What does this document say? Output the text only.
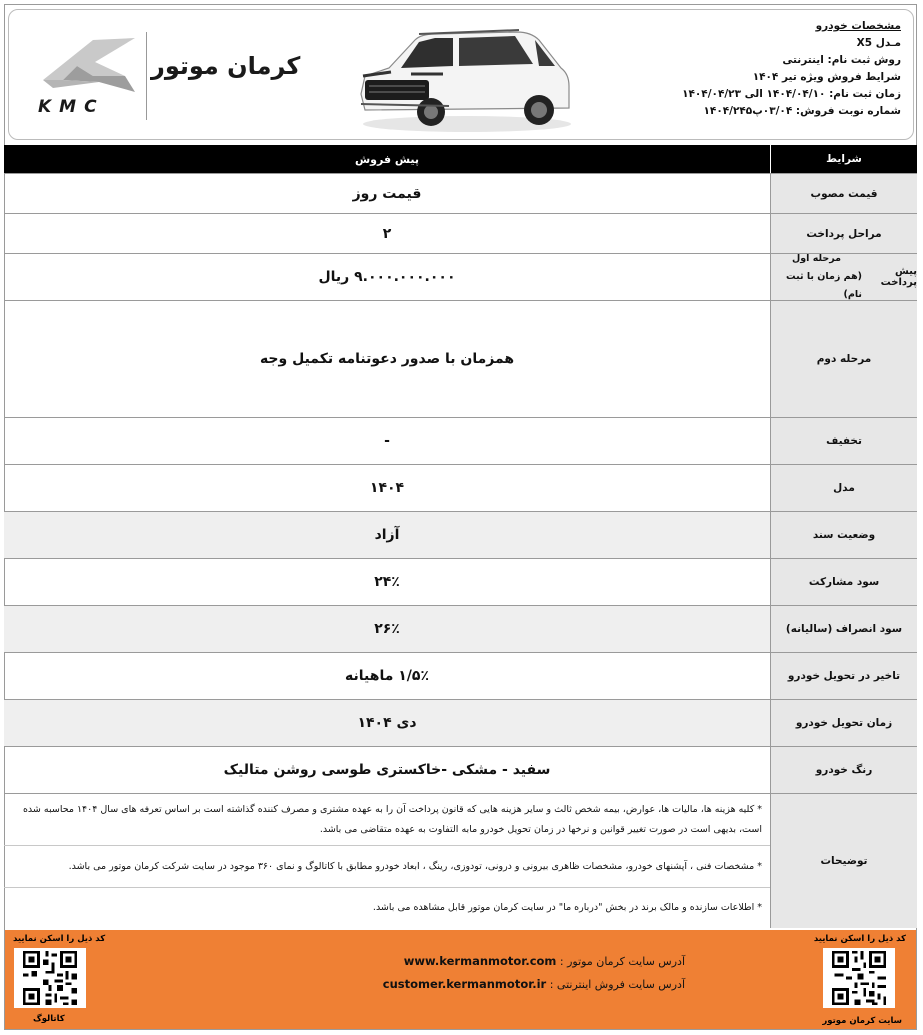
KMC
کرمان موتور
مشخصات خودرو
مـدل X5
روش ثبت نام: اینترنتی
شرایط فروش ویژه تیر ۱۴۰۴
زمان ثبت نام: ۱۴۰۴/۰۴/۱۰ الی ۱۴۰۴/۰۴/۲۳
شماره نوبت فروش: ۰۳/۰۴پ۱۴۰۴/۲۴۵
شرایط
پیش فروش
قیمت مصوب
قیمت روز
مراحل پرداخت
۲
پیش پرداخت
مرحله اول
(هم زمان با ثبت نام)
۹.۰۰۰.۰۰۰.۰۰۰ ریال
مرحله دوم
همزمان با صدور دعوتنامه تکمیل وجه
تخفیف
-
مدل
۱۴۰۴
وضعیت سند
آزاد
سود مشارکت
۲۴٪
سود انصراف (سالیانه)
۲۶٪
تاخیر در تحویل خودرو
۱/۵٪ ماهیانه
زمان تحویل خودرو
دی ۱۴۰۴
رنگ خودرو
سفید - مشکی -خاکستری طوسی روشن متالیک
توضیحات
* کلیه هزینه ها، مالیات ها، عوارض، بیمه شخص ثالث و سایر هزینه هایی که قانون پرداخت آن را به عهده مشتری و مصرف کننده گذاشته است بر اساس تعرفه های سال ۱۴۰۴ محاسبه شده است، بدیهی است در صورت تغییر قوانین و نرخها در زمان تحویل خودرو مابه التفاوت به عهده متقاضی می باشد.
* مشخصات فنی ، آپشنهای خودرو، مشخصات ظاهری بیرونی و درونی، تودوزی، رینگ ، ابعاد خودرو مطابق با کاتالوگ و نمای ۳۶۰ موجود در سایت شرکت کرمان موتور می باشد.
* اطلاعات سازنده و مالک برند در بخش "درباره ما" در سایت کرمان موتور قابل مشاهده می باشد.
کد ذیل را اسکن نمایید
کاتالوگ
آدرس سایت کرمان موتور : www.kermanmotor.com
آدرس سایت فروش اینترنتی : customer.kermanmotor.ir
کد ذیل را اسکن نمایید
سایت کرمان موتور
